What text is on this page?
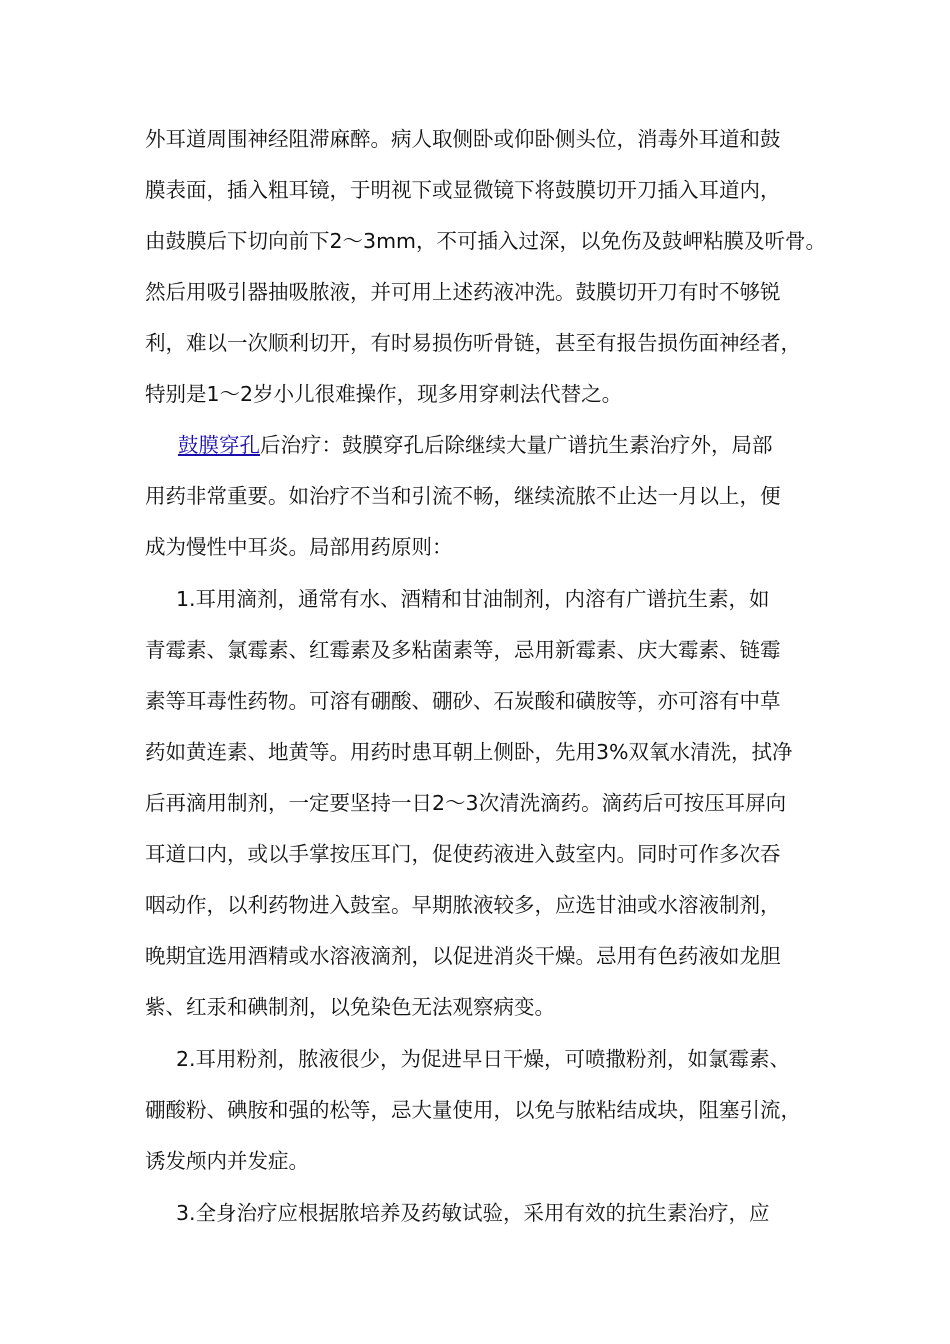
外耳道周围神经阻滞麻醉。病人取侧卧或仰卧侧头位，消毒外耳道和鼓
膜表面，插入粗耳镜，于明视下或显微镜下将鼓膜切开刀插入耳道内，
由鼓膜后下切向前下2～3mm，不可插入过深，以免伤及鼓岬粘膜及听骨。
然后用吸引器抽吸脓液，并可用上述药液冲洗。鼓膜切开刀有时不够锐
利，难以一次顺利切开，有时易损伤听骨链，甚至有报告损伤面神经者，
特别是1～2岁小儿很难操作，现多用穿刺法代替之。
鼓膜穿孔后治疗：鼓膜穿孔后除继续大量广谱抗生素治疗外，局部
用药非常重要。如治疗不当和引流不畅，继续流脓不止达一月以上，便
成为慢性中耳炎。局部用药原则：
1.耳用滴剂，通常有水、酒精和甘油制剂，内溶有广谱抗生素，如
青霉素、氯霉素、红霉素及多粘菌素等，忌用新霉素、庆大霉素、链霉
素等耳毒性药物。可溶有硼酸、硼砂、石炭酸和磺胺等，亦可溶有中草
药如黄连素、地黄等。用药时患耳朝上侧卧，先用3%双氧水清洗，拭净
后再滴用制剂，一定要坚持一日2～3次清洗滴药。滴药后可按压耳屏向
耳道口内，或以手掌按压耳门，促使药液进入鼓室内。同时可作多次吞
咽动作，以利药物进入鼓室。早期脓液较多，应选甘油或水溶液制剂，
晚期宜选用酒精或水溶液滴剂，以促进消炎干燥。忌用有色药液如龙胆
紫、红汞和碘制剂，以免染色无法观察病变。
2.耳用粉剂，脓液很少，为促进早日干燥，可喷撒粉剂，如氯霉素、
硼酸粉、碘胺和强的松等，忌大量使用，以免与脓粘结成块，阻塞引流，
诱发颅内并发症。
3.全身治疗应根据脓培养及药敏试验，采用有效的抗生素治疗，应
